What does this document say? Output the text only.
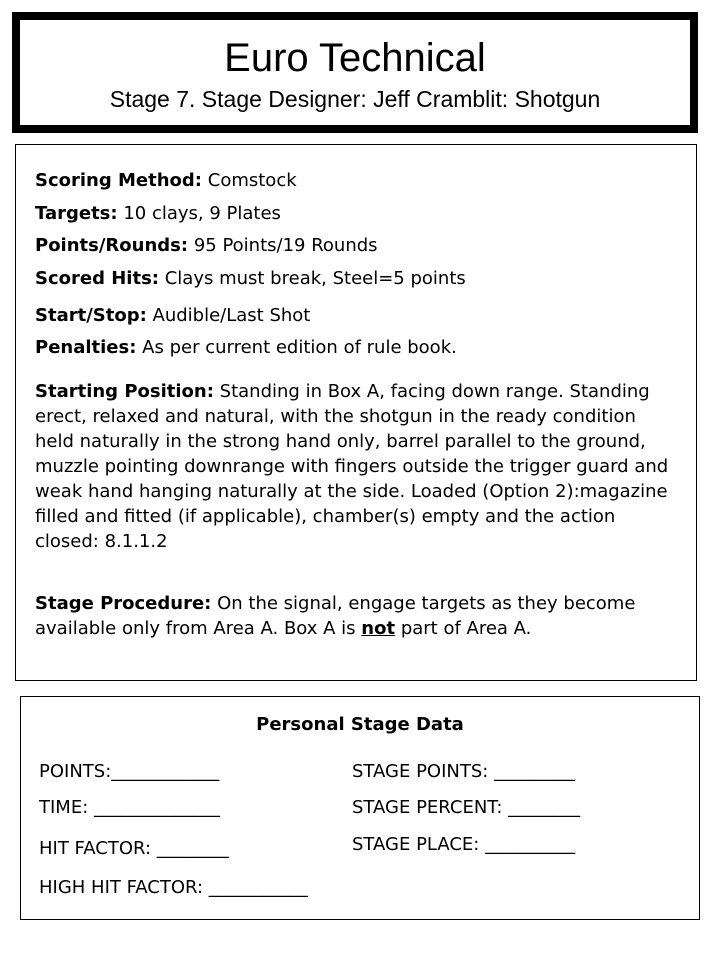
Euro Technical
Stage 7. Stage Designer: Jeff Cramblit: Shotgun
Scoring Method: Comstock
Targets: 10 clays, 9 Plates
Points/Rounds: 95 Points/19 Rounds
Scored Hits: Clays must break, Steel=5 points
Start/Stop: Audible/Last Shot
Penalties: As per current edition of rule book.
Starting Position: Standing in Box A, facing down range. Standing erect, relaxed and natural, with the shotgun in the ready condition held naturally in the strong hand only, barrel parallel to the ground, muzzle pointing downrange with fingers outside the trigger guard and weak hand hanging naturally at the side. Loaded (Option 2):magazine filled and fitted (if applicable), chamber(s) empty and the action closed: 8.1.1.2
Stage Procedure: On the signal, engage targets as they become available only from Area A. Box A is not part of Area A.
Personal Stage Data
POINTS:____________
TIME: ______________
HIT FACTOR: ________
HIGH HIT FACTOR: ___________
STAGE POINTS: _________
STAGE PERCENT: ________
STAGE PLACE: __________
